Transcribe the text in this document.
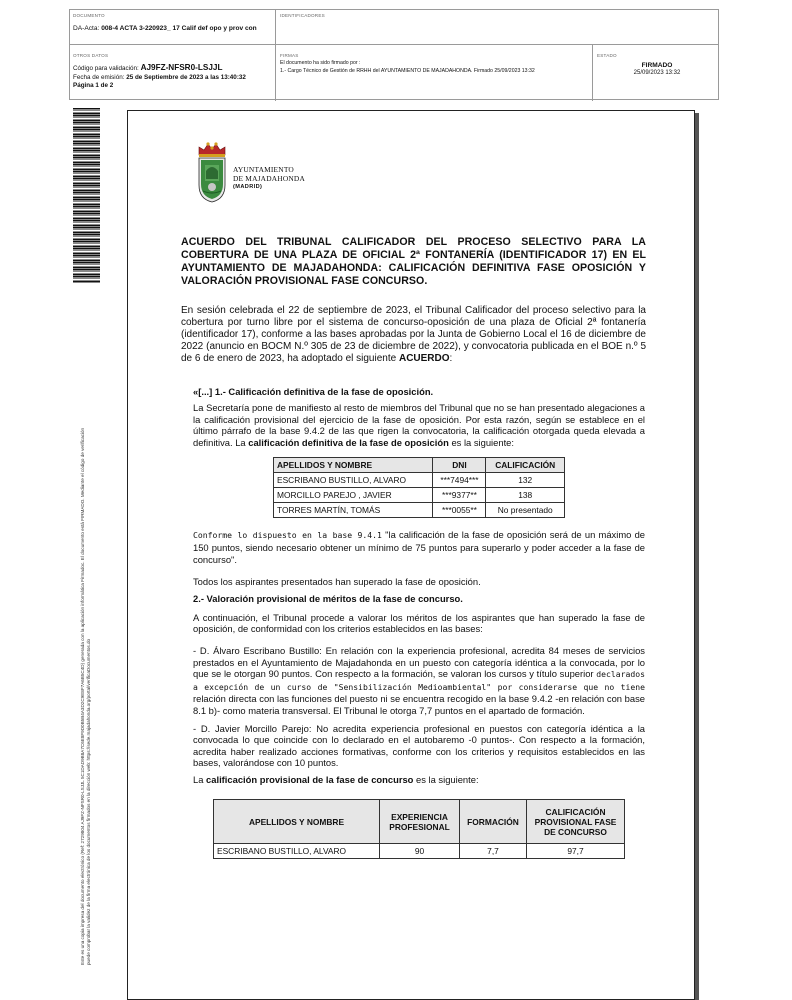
DOCUMENTO
DA-Acta: 008-4 ACTA 3-220923_ 17 Calif def opo y prov con
IDENTIFICADORES
OTROS DATOS
Código para validación: AJ9FZ-NFSR0-LSJJL
Fecha de emisión: 25 de Septiembre de 2023 a las 13:40:32
Página 1 de 2
FIRMAS
El documento ha sido firmado por :
1.- Cargo Técnico de Gestión de RRHH del AYUNTAMIENTO DE MAJADAHONDA. Firmado 25/09/2023 13:32
ESTADO
FIRMADO
25/09/2023 13:32
Este es una copia impresa del documento electrónico (Ref: 2729804 AJ9FZ-NFSR0-LSJJL 5C1DAD9B8A7C6E8F9D0B5B4A3D2C9E8F7A6B5C4D) generada con la aplicación informática Firmadoc. El documento está FIRMADO. Mediante el código de verificación puede comprobar la validez de la firma electrónica de los documentos firmados en la dirección web: https://sede.majadahonda.org/portal/verificaDocumentos.do
AYUNTAMIENTO
DE MAJADAHONDA
(MADRID)
ACUERDO DEL TRIBUNAL CALIFICADOR DEL PROCESO SELECTIVO PARA LA COBERTURA DE UNA PLAZA DE OFICIAL 2ª FONTANERÍA (IDENTIFICADOR 17) EN EL AYUNTAMIENTO DE MAJADAHONDA: CALIFICACIÓN DEFINITIVA FASE OPOSICIÓN Y VALORACIÓN PROVISIONAL FASE CONCURSO.

En sesión celebrada el 22 de septiembre de 2023, el Tribunal Calificador del proceso selectivo para la cobertura por turno libre por el sistema de concurso-oposición de una plaza de Oficial 2ª fontanería (identificador 17), conforme a las bases aprobadas por la Junta de Gobierno Local el 16 de diciembre de 2022 (anuncio en BOCM N.º 305 de 23 de diciembre de 2022), y convocatoria publicada en el BOE n.º 5 de 6 de enero de 2023, ha adoptado el siguiente ACUERDO:

«[...] 1.- Calificación definitiva de la fase de oposición.

La Secretaría pone de manifiesto al resto de miembros del Tribunal que no se han presentado alegaciones a la calificación provisional del ejercicio de la fase de oposición. Por esta razón, según se establece en el último párrafo de la base 9.4.2 de las que rigen la convocatoria, la calificación otorgada queda elevada a definitiva. La calificación definitiva de la fase de oposición es la siguiente:

APELLIDOS Y NOMBRE	DNI	CALIFICACIÓN
ESCRIBANO BUSTILLO, ALVARO	***7494***	132
MORCILLO PAREJO , JAVIER	***9377**	138
TORRES MARTÍN, TOMÁS	***0055**	No presentado

Conforme lo dispuesto en la base 9.4.1 "la calificación de la fase de oposición será de un máximo de 150 puntos, siendo necesario obtener un mínimo de 75 puntos para superarlo y poder acceder a la fase de concurso".

Todos los aspirantes presentados han superado la fase de oposición.

2.- Valoración provisional de méritos de la fase de concurso.

A continuación, el Tribunal procede a valorar los méritos de los aspirantes que han superado la fase de oposición, de conformidad con los criterios establecidos en las bases:

- D. Álvaro Escribano Bustillo: En relación con la experiencia profesional, acredita 84 meses de servicios prestados en el Ayuntamiento de Majadahonda en un puesto con categoría idéntica a la convocada, por lo que se le otorgan 90 puntos. Con respecto a la formación, se valoran los cursos y título superior declarados a excepción de un curso de "Sensibilización Medioambiental" por considerarse que no tiene relación directa con las funciones del puesto ni se encuentra recogido en la base 9.4.2 -en relación con base 8.1 b)- como materia transversal. El Tribunal le otorga 7,7 puntos en el apartado de formación.

- D. Javier Morcillo Parejo: No acredita experiencia profesional en puestos con categoría idéntica a la convocada lo que coincide con lo declarado en el autobaremo -0 puntos-. Con respecto a la formación, acredita haber realizado acciones formativas, conforme con los criterios y requisitos establecidos en las bases, valorándose con 10 puntos.

La calificación provisional de la fase de concurso es la siguiente:

APELLIDOS Y NOMBRE	EXPERIENCIA PROFESIONAL	FORMACIÓN	CALIFICACIÓN PROVISIONAL FASE DE CONCURSO
ESCRIBANO BUSTILLO, ALVARO	90	7,7	97,7
